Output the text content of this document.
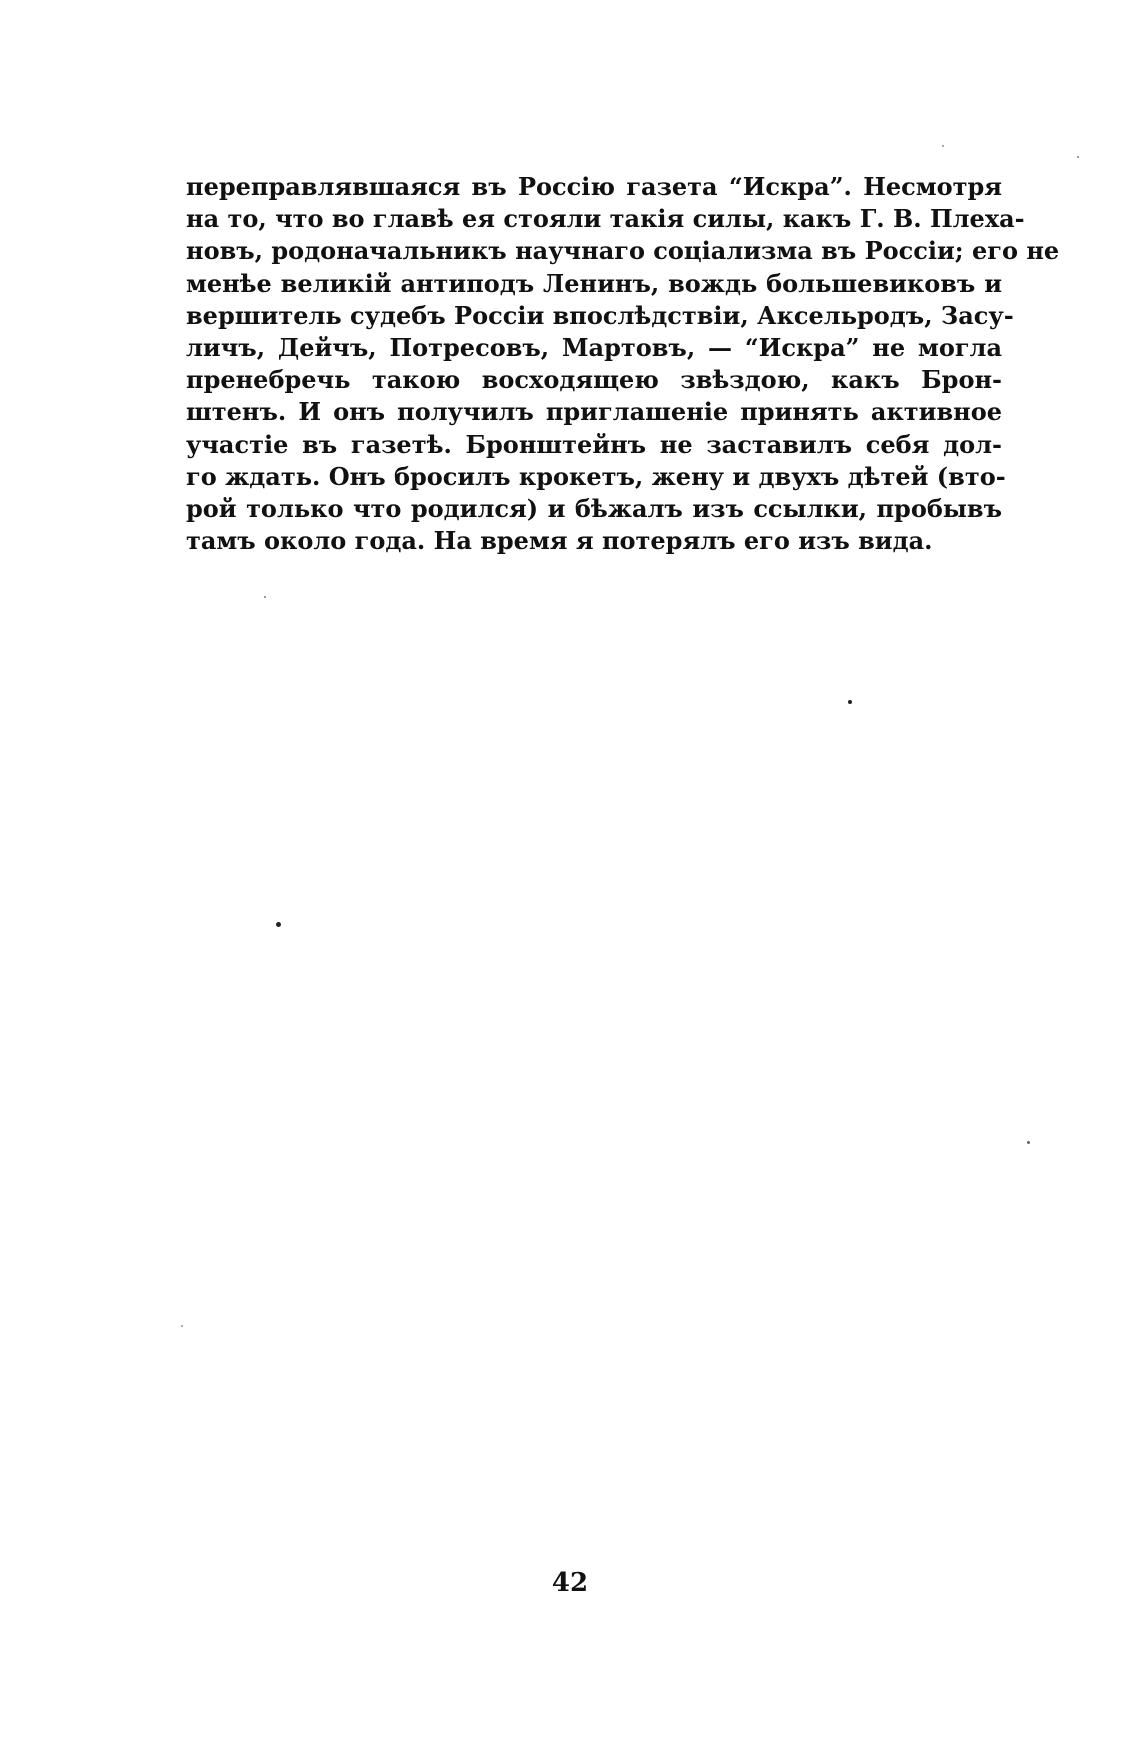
переправлявшаяся въ Россію газета “Искра”. Несмотря
на то, что во главѣ ея стояли такія силы, какъ Г. В. Плеха-
новъ, родоначальникъ научнаго соціализма въ Россіи; его не
менѣе великій антиподъ Ленинъ, вождь большевиковъ и
вершитель судебъ Россіи впослѣдствіи, Аксельродъ, Засу-
личъ, Дейчъ, Потресовъ, Мартовъ, — “Искра” не могла
пренебречь такою восходящею звѣздою, какъ Брон-
штенъ. И онъ получилъ приглашеніе принять активное
участіе въ газетѣ. Бронштейнъ не заставилъ себя дол-
го ждать. Онъ бросилъ крокетъ, жену и двухъ дѣтей (вто-
рой только что родился) и бѣжалъ изъ ссылки, пробывъ
тамъ около года. На время я потерялъ его изъ вида.
42
